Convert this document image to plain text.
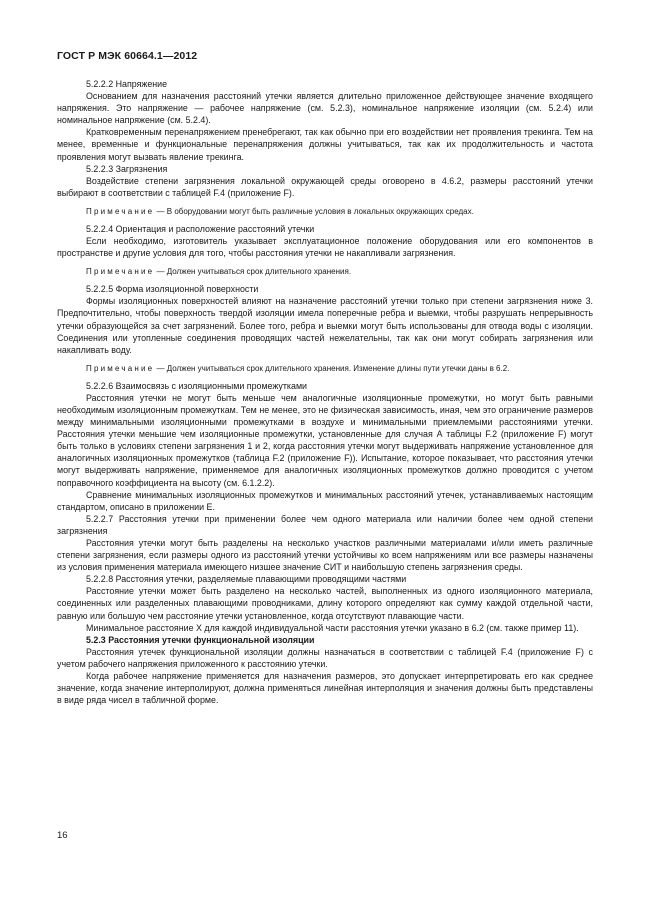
ГОСТ Р МЭК 60664.1—2012

5.2.2.2 Напряжение

Основанием для назначения расстояний утечки является длительно приложенное действующее значение входящего напряжения. Это напряжение — рабочее напряжение (см. 5.2.3), номинальное напряжение изоляции (см. 5.2.4) или номинальное напряжение (см. 5.2.4).

Кратковременным перенапряжением пренебрегают, так как обычно при его воздействии нет проявления трекинга. Тем на менее, временные и функциональные перенапряжения должны учитываться, так как их продолжительность и частота проявления могут вызвать явление трекинга.

5.2.2.3 Загрязнения

Воздействие степени загрязнения локальной окружающей среды оговорено в 4.6.2, размеры расстояний утечки выбирают в соответствии с таблицей F.4 (приложение F).

Примечание — В оборудовании могут быть различные условия в локальных окружающих средах.

5.2.2.4 Ориентация и расположение расстояний утечки

Если необходимо, изготовитель указывает эксплуатационное положение оборудования или его компонентов в пространстве и другие условия для того, чтобы расстояния утечки не накапливали загрязнения.

Примечание — Должен учитываться срок длительного хранения.

5.2.2.5 Форма изоляционной поверхности

Формы изоляционных поверхностей влияют на назначение расстояний утечки только при степени загрязнения ниже 3. Предпочтительно, чтобы поверхность твердой изоляции имела поперечные ребра и выемки, чтобы разрушать непрерывность утечки образующейся за счет загрязнений. Более того, ребра и выемки могут быть использованы для отвода воды с изоляции. Соединения или утопленные соединения проводящих частей нежелательны, так как они могут собирать загрязнения или накапливать воду.

Примечание — Должен учитываться срок длительного хранения. Изменение длины пути утечки даны в 6.2.

5.2.2.6 Взаимосвязь с изоляционными промежутками

Расстояния утечки не могут быть меньше чем аналогичные изоляционные промежутки, но могут быть равными необходимым изоляционным промежуткам. Тем не менее, это не физическая зависимость, иная, чем это ограничение размеров между минимальными изоляционными промежутками в воздухе и минимальными приемлемыми расстояниями утечки. Расстояния утечки меньшие чем изоляционные промежутки, установленные для случая А таблицы F.2 (приложение F) могут быть только в условиях степени загрязнения 1 и 2, когда расстояния утечки могут выдерживать напряжение установленное для аналогичных изоляционных промежутков (таблица F.2 (приложение F)). Испытание, которое показывает, что расстояния утечки могут выдерживать напряжение, применяемое для аналогичных изоляционных промежутков должно проводится с учетом поправочного коэффициента на высоту (см. 6.1.2.2).

Сравнение минимальных изоляционных промежутков и минимальных расстояний утечек, устанавливаемых настоящим стандартом, описано в приложении Е.

5.2.2.7 Расстояния утечки при применении более чем одного материала или наличии более чем одной степени загрязнения

Расстояния утечки могут быть разделены на несколько участков различными материалами и/или иметь различные степени загрязнения, если размеры одного из расстояний утечки устойчивы ко всем напряжениям или все размеры назначены из условия применения материала имеющего низшее значение СИТ и наибольшую степень загрязнения среды.

5.2.2.8 Расстояния утечки, разделяемые плавающими проводящими частями

Расстояние утечки может быть разделено на несколько частей, выполненных из одного изоляционного материала, соединенных или разделенных плавающими проводниками, длину которого определяют как сумму каждой отдельной части, равную или большую чем расстояние утечки установленное, когда отсутствуют плавающие части.

Минимальное расстояние Х для каждой индивидуальной части расстояния утечки указано в 6.2 (см. также пример 11).

5.2.3 Расстояния утечки функциональной изоляции

Расстояния утечек функциональной изоляции должны назначаться в соответствии с таблицей F.4 (приложение F) с учетом рабочего напряжения приложенного к расстоянию утечки.

Когда рабочее напряжение применяется для назначения размеров, это допускает интерпретировать его как среднее значение, когда значение интерполируют, должна применяться линейная интерполяция и значения должны быть представлены в виде ряда чисел в табличной форме.

16
